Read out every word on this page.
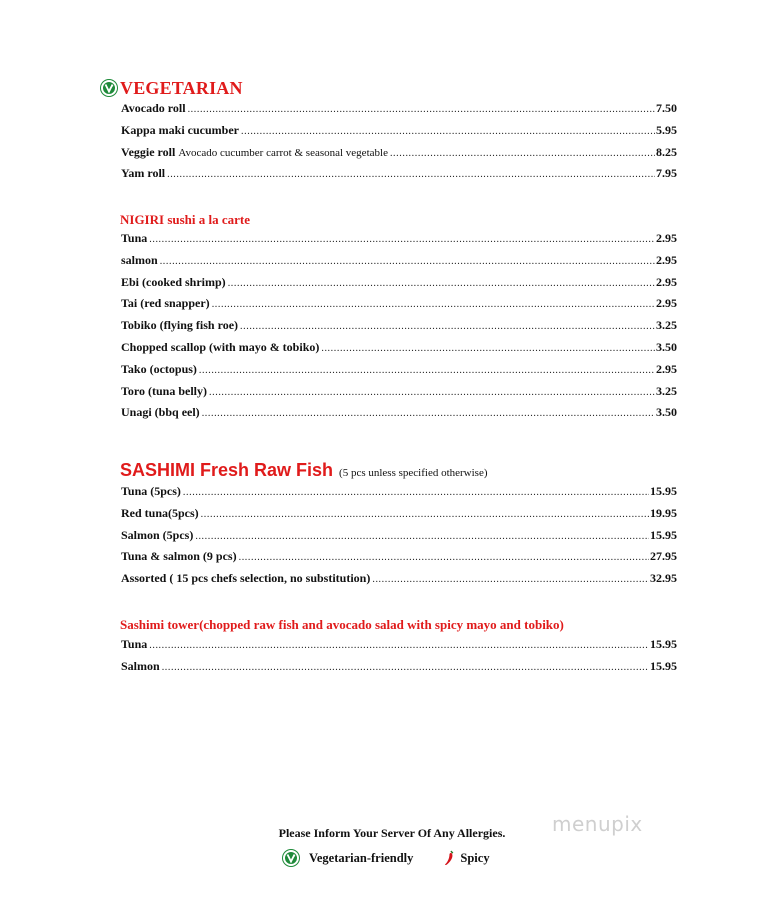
VEGETARIAN
Avocado roll .....	7.50
Kappa maki cucumber .....	5.95
Veggie roll Avocado cucumber carrot & seasonal vegetable .....	8.25
Yam roll .....	7.95
NIGIRI sushi a la carte
Tuna .....	2.95
salmon .....	2.95
Ebi (cooked shrimp) .....	2.95
Tai (red snapper) .....	2.95
Tobiko (flying fish roe) .....	3.25
Chopped scallop (with mayo & tobiko) .....	3.50
Tako (octopus) .....	2.95
Toro (tuna belly) .....	3.25
Unagi (bbq eel) .....	3.50
SASHIMI Fresh Raw Fish (5 pcs unless specified otherwise)
Tuna (5pcs) .....	15.95
Red tuna(5pcs) .....	19.95
Salmon (5pcs) .....	15.95
Tuna & salmon (9 pcs) .....	27.95
Assorted ( 15 pcs chefs selection, no substitution) .....	32.95
Sashimi tower(chopped raw fish and avocado salad with spicy mayo and tobiko)
Tuna .....	15.95
Salmon .....	15.95
menupix
Please Inform Your Server Of Any Allergies.
Vegetarian-friendly	Spicy
